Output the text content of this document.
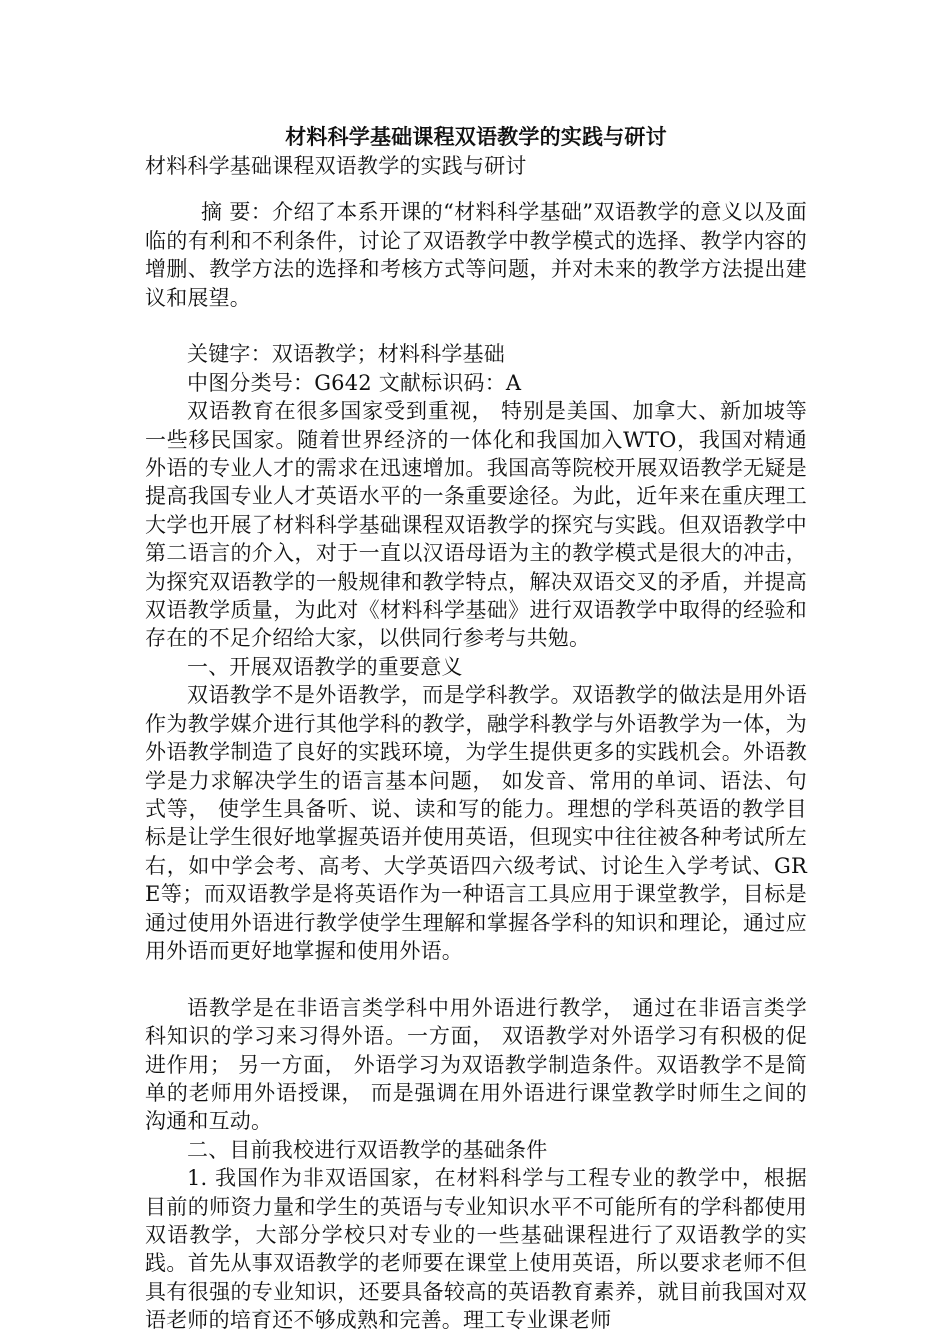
材料科学基础课程双语教学的实践与研讨

材料科学基础课程双语教学的实践与研讨

摘 要：介绍了本系开课的“材料科学基础”双语教学的意义以及面临的有利和不利条件，讨论了双语教学中教学模式的选择、教学内容的增删、教学方法的选择和考核方式等问题，并对未来的教学方法提出建议和展望。

关键字：双语教学；材料科学基础

中图分类号：G642 文献标识码：A

双语教育在很多国家受到重视， 特别是美国、加拿大、新加坡等一些移民国家。随着世界经济的一体化和我国加入WTO，我国对精通外语的专业人才的需求在迅速增加。我国高等院校开展双语教学无疑是提高我国专业人才英语水平的一条重要途径。为此，近年来在重庆理工大学也开展了材料科学基础课程双语教学的探究与实践。但双语教学中第二语言的介入，对于一直以汉语母语为主的教学模式是很大的冲击，为探究双语教学的一般规律和教学特点，解决双语交叉的矛盾，并提高双语教学质量，为此对《材料科学基础》进行双语教学中取得的经验和存在的不足介绍给大家，以供同行参考与共勉。

一、开展双语教学的重要意义

双语教学不是外语教学，而是学科教学。双语教学的做法是用外语作为教学媒介进行其他学科的教学，融学科教学与外语教学为一体，为外语教学制造了良好的实践环境，为学生提供更多的实践机会。外语教学是力求解决学生的语言基本问题， 如发音、常用的单词、语法、句式等， 使学生具备听、说、读和写的能力。理想的学科英语的教学目标是让学生很好地掌握英语并使用英语，但现实中往往被各种考试所左右，如中学会考、高考、大学英语四六级考试、讨论生入学考试、GRE等；而双语教学是将英语作为一种语言工具应用于课堂教学，目标是通过使用外语进行教学使学生理解和掌握各学科的知识和理论，通过应用外语而更好地掌握和使用外语。

语教学是在非语言类学科中用外语进行教学， 通过在非语言类学科知识的学习来习得外语。一方面， 双语教学对外语学习有积极的促进作用； 另一方面， 外语学习为双语教学制造条件。双语教学不是简单的老师用外语授课， 而是强调在用外语进行课堂教学时师生之间的沟通和互动。

二、目前我校进行双语教学的基础条件

1. 我国作为非双语国家，在材料科学与工程专业的教学中，根据目前的师资力量和学生的英语与专业知识水平不可能所有的学科都使用双语教学，大部分学校只对专业的一些基础课程进行了双语教学的实践。首先从事双语教学的老师要在课堂上使用英语，所以要求老师不但具有很强的专业知识，还要具备较高的英语教育素养，就目前我国对双语老师的培育还不够成熟和完善。理工专业课老师
